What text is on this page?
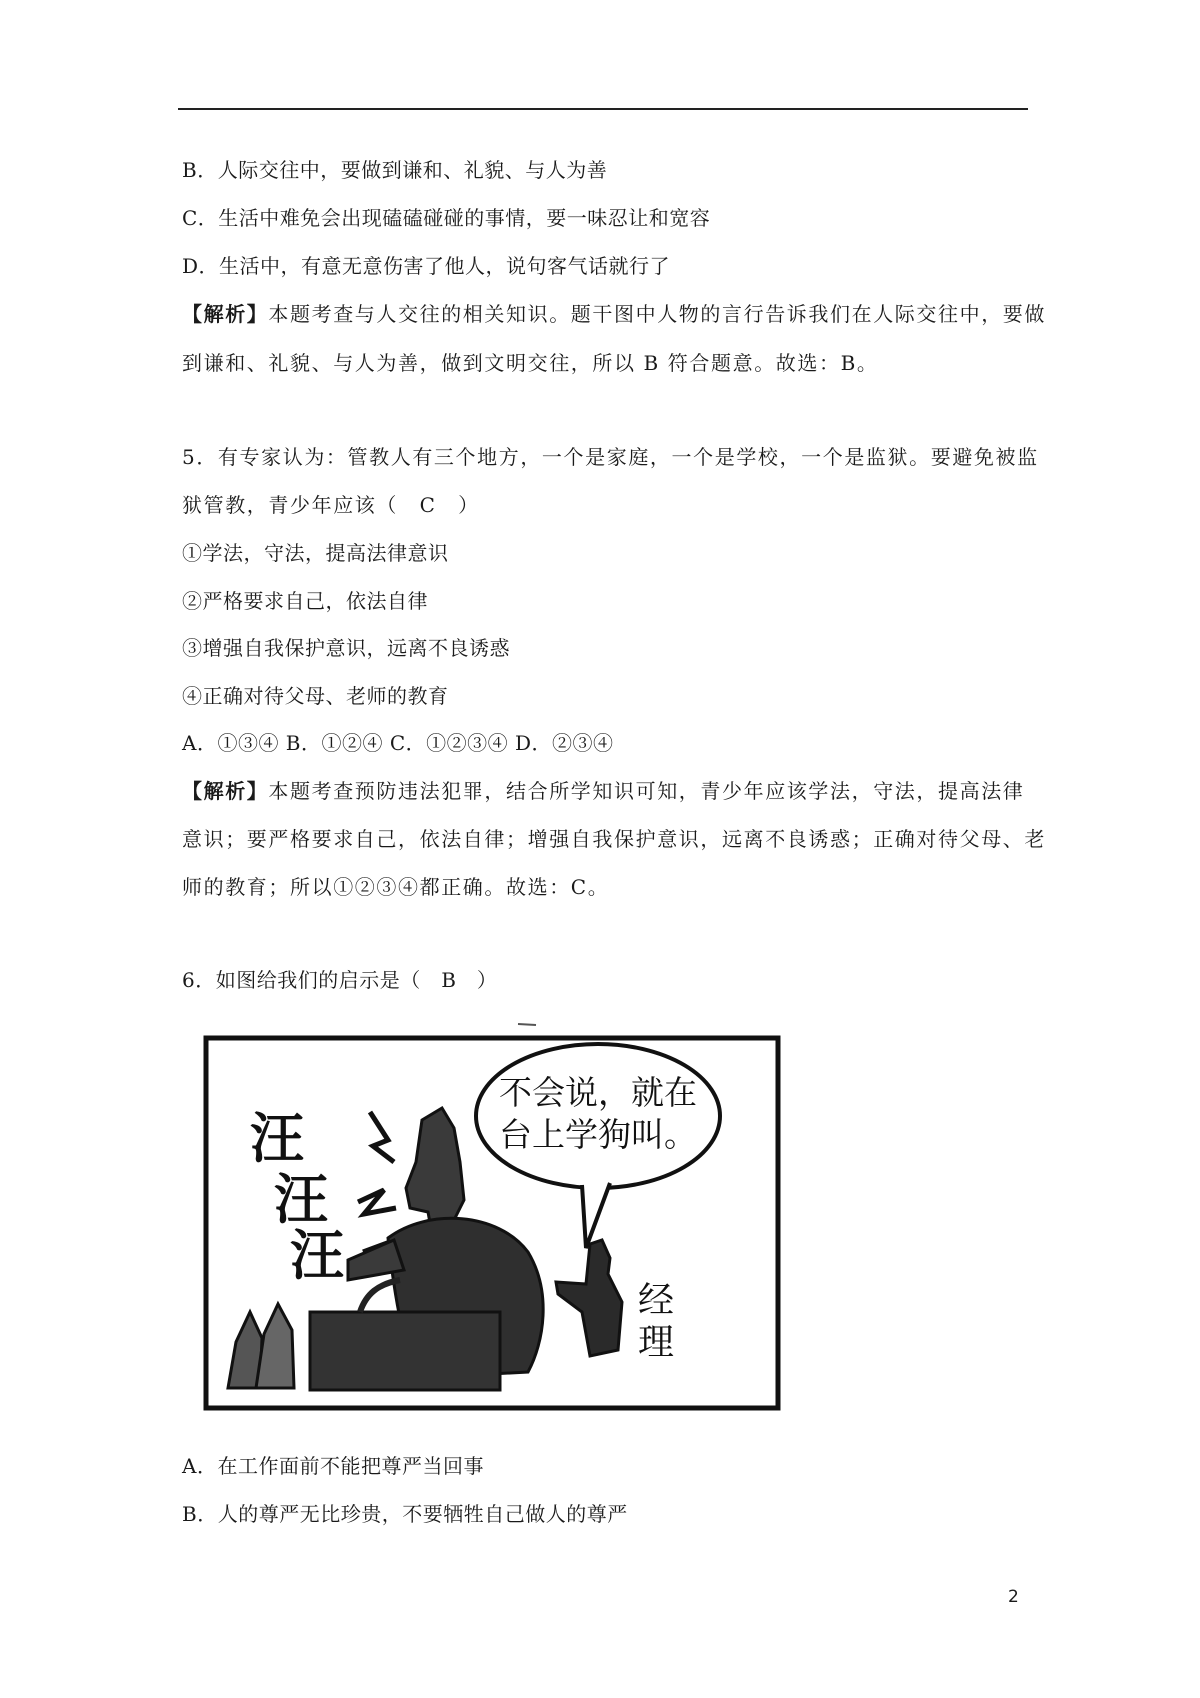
B．人际交往中，要做到谦和、礼貌、与人为善
C．生活中难免会出现磕磕碰碰的事情，要一味忍让和宽容
D．生活中，有意无意伤害了他人，说句客气话就行了
【解析】本题考查与人交往的相关知识。题干图中人物的言行告诉我们在人际交往中，要做
到谦和、礼貌、与人为善，做到文明交往，所以 B 符合题意。故选：B。
5．有专家认为：管教人有三个地方，一个是家庭，一个是学校，一个是监狱。要避免被监
狱管教，青少年应该（　C　）
①学法，守法，提高法律意识
②严格要求自己，依法自律
③增强自我保护意识，远离不良诱惑
④正确对待父母、老师的教育
A．①③④ B．①②④ C．①②③④ D．②③④
【解析】本题考查预防违法犯罪，结合所学知识可知，青少年应该学法，守法，提高法律
意识；要严格要求自己，依法自律；增强自我保护意识，远离不良诱惑；正确对待父母、老
师的教育；所以①②③④都正确。故选：C。
6．如图给我们的启示是（　B　）
汪
汪
汪
不会说，就在
台上学狗叫。
经
理
A．在工作面前不能把尊严当回事
B．人的尊严无比珍贵，不要牺牲自己做人的尊严
2
